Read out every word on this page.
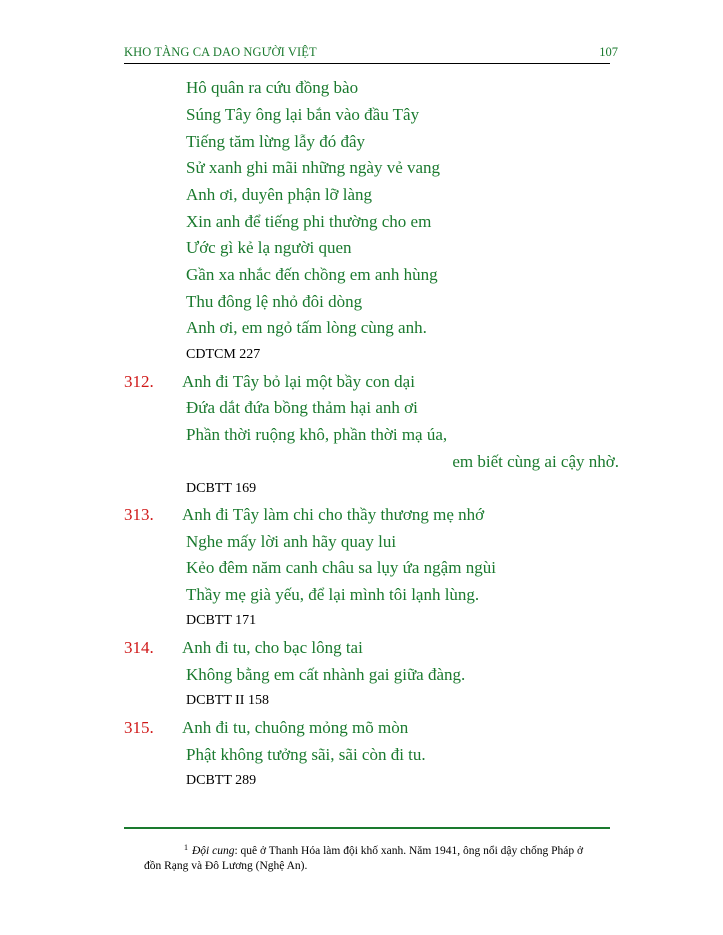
KHO TÀNG CA DAO NGƯỜI VIỆT	107
Hô quân ra cứu đồng bào
Súng Tây ông lại bắn vào đầu Tây
Tiếng tăm lừng lẫy đó đây
Sử xanh ghi mãi những ngày vẻ vang
Anh ơi, duyên phận lỡ làng
Xin anh để tiếng phi thường cho em
Ước gì kẻ lạ người quen
Gần xa nhắc đến chồng em anh hùng
Thu đông lệ nhỏ đôi dòng
Anh ơi, em ngỏ tấm lòng cùng anh.
CDTCM 227
312. Anh đi Tây bỏ lại một bầy con dại
Đứa dắt đứa bồng thảm hại anh ơi
Phần thời ruộng khô, phần thời mạ úa,
em biết cùng ai cậy nhờ.
DCBTT 169
313. Anh đi Tây làm chi cho thầy thương mẹ nhớ
Nghe mấy lời anh hãy quay lui
Kẻo đêm năm canh châu sa lụy ứa ngậm ngùi
Thầy mẹ già yếu, để lại mình tôi lạnh lùng.
DCBTT 171
314. Anh đi tu, cho bạc lông tai
Không bằng em cất nhành gai giữa đàng.
DCBTT II 158
315. Anh đi tu, chuông mỏng mõ mòn
Phật không tưởng sãi, sãi còn đi tu.
DCBTT 289
$^1$ Đội cung: quê ở Thanh Hóa làm đội khố xanh. Năm 1941, ông nổi dậy chống Pháp ở
đồn Rạng và Đô Lương (Nghệ An).
